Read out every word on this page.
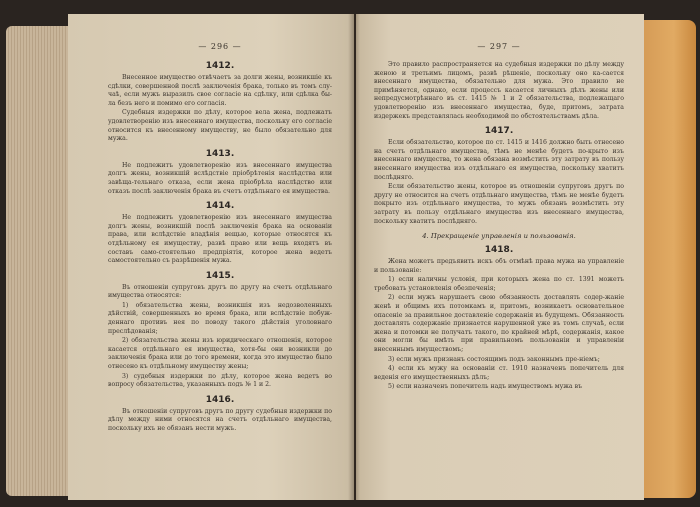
— 296 —
1412.
Внесенное имущество отвѣчаетъ за долги жены, возникшіе къ сдѣлки, совершенной послѣ заключенія брака, только въ томъ слу-чаѣ, если мужъ выразилъ свое согласіе на сдѣлку, или сдѣлка бы-ла безъ него и помимо его согласія.
Судебныя издержки по дѣлу, которое вела жена, подлежатъ удовлетворенію изъ внесеннаго имущества, поскольку его согласіе относится къ внесенному имуществу, не было обязательно для мужа.
1413.
Не подлежитъ удовлетворенію изъ внесеннаго имущества долгъ жены, возникшій вслѣдствіе пріобрѣтенія наслѣдства или завѣща-тельнаго отказа, если жена пріобрѣла наслѣдство или отказъ послѣ заключенія брака въ счетъ отдѣльнаго ея имущества.
1414.
Не подлежитъ удовлетворенію изъ внесеннаго имущества долгъ жены, возникшій послѣ заключенія брака на основаніи права, или вслѣдствіе владѣнія вещью, которые относятся къ отдѣльному ея имуществу, развѣ право или вещь входятъ въ составъ само-стоятельно предпріятія, которое жена ведетъ самостоятельно съ разрѣшенія мужа.
1415.
Въ отношеніи супруговъ другъ по другу на счетъ отдѣльнаго имущества относятся:
1) обязательства жены, возникшія изъ недозволенныхъ дѣйствій, совершенныхъ во время брака, или вслѣдствіе побуж-деннаго противъ нея по поводу такого дѣйствія уголовнаго преслѣдованія;
2) обязательства жены изъ юридическаго отношенія, которое касается отдѣльнаго ея имущества, хотя-бы они возникли до заключенія брака или до того времени, когда это имущество было отнесено къ отдѣльному имуществу жены;
3) судебныя издержки по дѣлу, которое жена ведетъ во вопросу обязательства, указанныхъ подъ № 1 и 2.
1416.
Въ отношеніи супруговъ другъ по другу судебныя издержки по дѣлу между ними относятся на счетъ отдѣльнаго имущества, поскольку ихъ не обязанъ нести мужъ.
— 297 —
Это правило распространяется на судебныя издержки по дѣлу между женою и третьимъ лицомъ, развѣ рѣшеніе, поскольку оно ка-сается внесеннаго имущества, обязательно для мужа. Это правило не примѣняется, однако, если процессъ касается личныхъ дѣлъ жены или непредусмотрѣннаго въ ст. 1415 № 1 и 2 обязательства, подлежащаго удовлетворенію изъ внесеннаго имущества, буде, притомъ, затрата издержекъ представлялась необходимой по обстоятельствамъ дѣла.
1417.
Если обязательство, которое по ст. 1415 и 1416 должно быть отнесено на счетъ отдѣльнаго имущества, тѣмъ не менѣе будетъ по-крыто изъ внесеннаго имущества, то жена обязана возмѣстить эту затрату въ пользу внесеннаго имущества изъ отдѣльнаго ея имущества, поскольку хватитъ послѣдняго.
Если обязательство жены, которое въ отношеніи супруговъ другъ по другу не относится на счетъ отдѣльнаго имущества, тѣмъ не менѣе будетъ покрыто изъ отдѣльнаго имущества, то мужъ обязанъ возмѣстить эту затрату въ пользу отдѣльнаго имущества изъ внесеннаго имущества, поскольку хватитъ послѣдняго.
4. Прекращеніе управленія и пользованія.
1418.
Жена можетъ предъявить искъ объ отмѣнѣ права мужа на управленіе и пользованіе:
1) если наличны условія, при которыхъ жена по ст. 1391 можетъ требовать установленія обезпеченія;
2) если мужъ нарушаетъ свою обязанность доставлять содер-жаніе женѣ и общимъ ихъ потомкамъ и, притомъ, возникаетъ основательное опасеніе за правильное доставленіе содержанія въ будущемъ. Обязанность доставлять содержаніе признается нарушенной уже въ томъ случаѣ, если жена и потомки не получатъ такого, по крайней мѣрѣ, содержанія, какое они могли бы имѣть при правильномъ пользованіи и управленіи внесеннымъ имуществомъ;
3) если мужъ признанъ состоящимъ подъ законнымъ пре-ніемъ;
4) если къ мужу на основаніи ст. 1910 назначенъ попечитель для веденія его имущественныхъ дѣлъ;
5) если назначенъ попечитель надъ имуществомъ мужа въ
